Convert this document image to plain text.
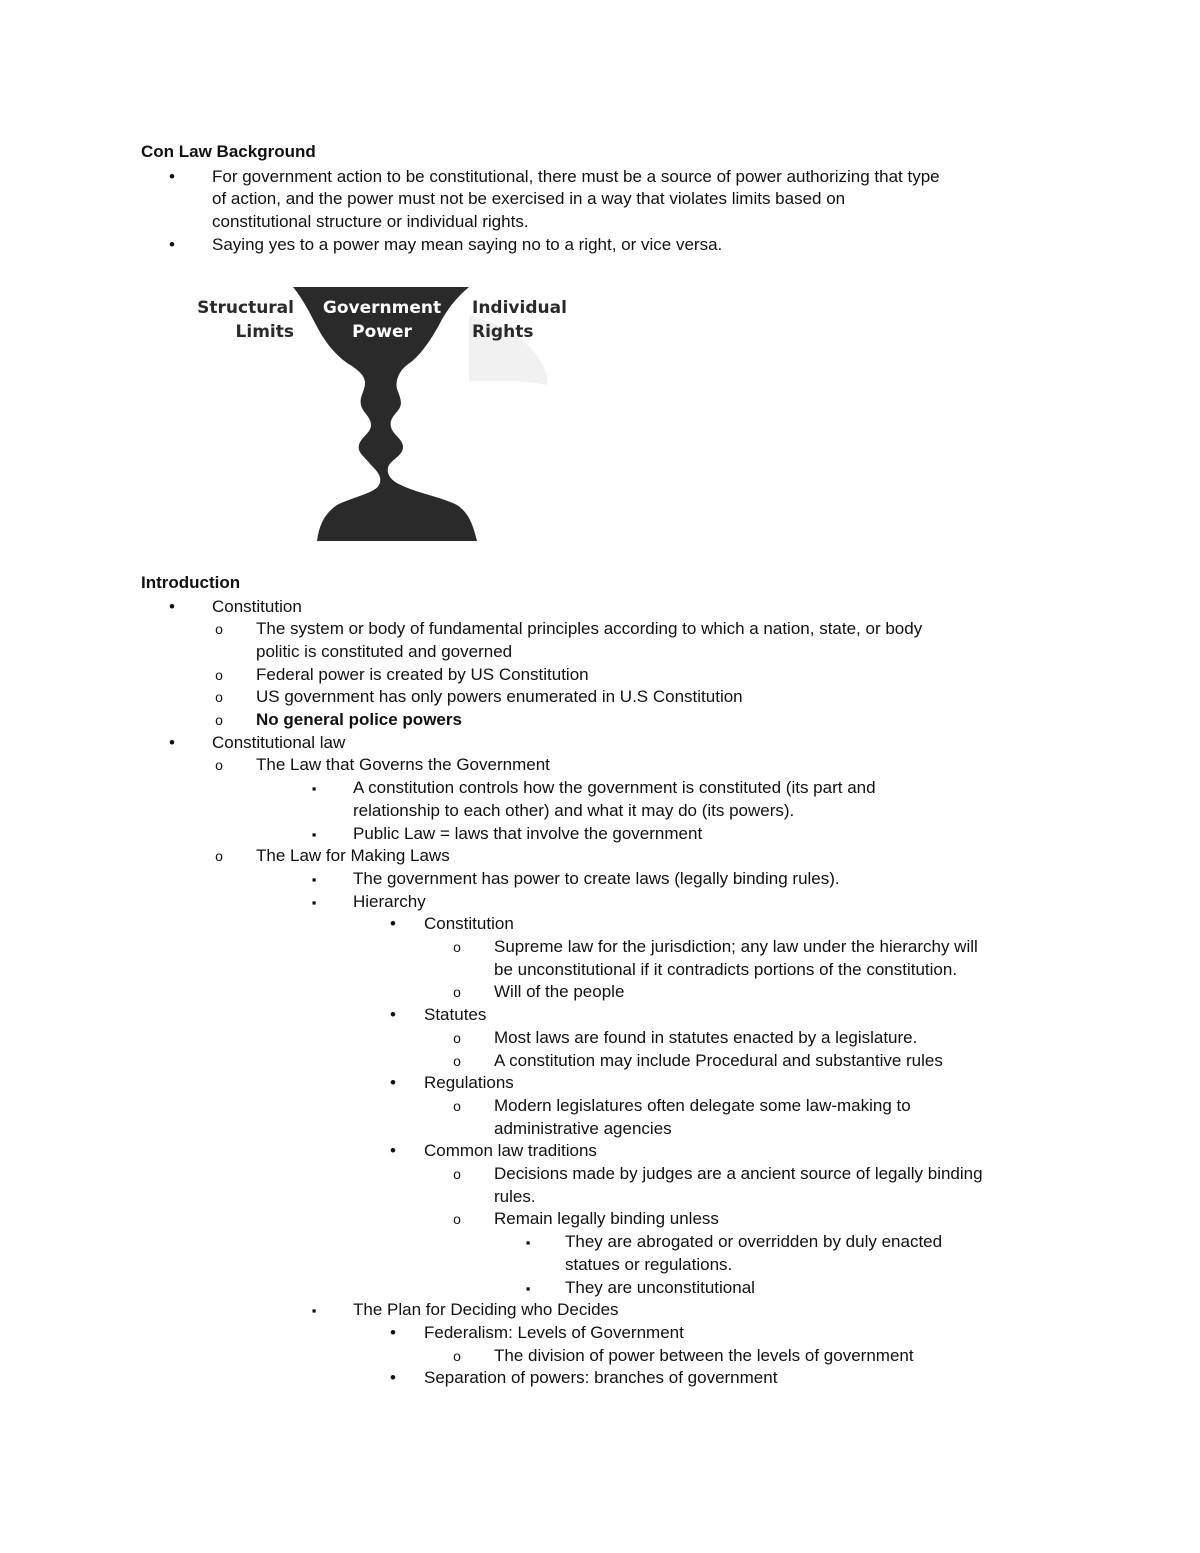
Con Law Background
•
For government action to be constitutional, there must be a source of power authorizing that type
of action, and the power must not be exercised in a way that violates limits based on
constitutional structure or individual rights.
•
Saying yes to a power may mean saying no to a right, or vice versa.
Introduction
•
Constitution
o
The system or body of fundamental principles according to which a nation, state, or body
politic is constituted and governed
o
Federal power is created by US Constitution
o
US government has only powers enumerated in U.S Constitution
o
No general police powers
•
Constitutional law
o
The Law that Governs the Government
▪
A constitution controls how the government is constituted (its part and
relationship to each other) and what it may do (its powers).
▪
Public Law = laws that involve the government
o
The Law for Making Laws
▪
The government has power to create laws (legally binding rules).
▪
Hierarchy
•
Constitution
o
Supreme law for the jurisdiction; any law under the hierarchy will
be unconstitutional if it contradicts portions of the constitution.
o
Will of the people
•
Statutes
o
Most laws are found in statutes enacted by a legislature.
o
A constitution may include Procedural and substantive rules
•
Regulations
o
Modern legislatures often delegate some law-making to
administrative agencies
•
Common law traditions
o
Decisions made by judges are a ancient source of legally binding
rules.
o
Remain legally binding unless
▪
They are abrogated or overridden by duly enacted
statues or regulations.
▪
They are unconstitutional
▪
The Plan for Deciding who Decides
•
Federalism: Levels of Government
o
The division of power between the levels of government
•
Separation of powers: branches of government
Structural
Limits
Government
Power
Individual
Rights
